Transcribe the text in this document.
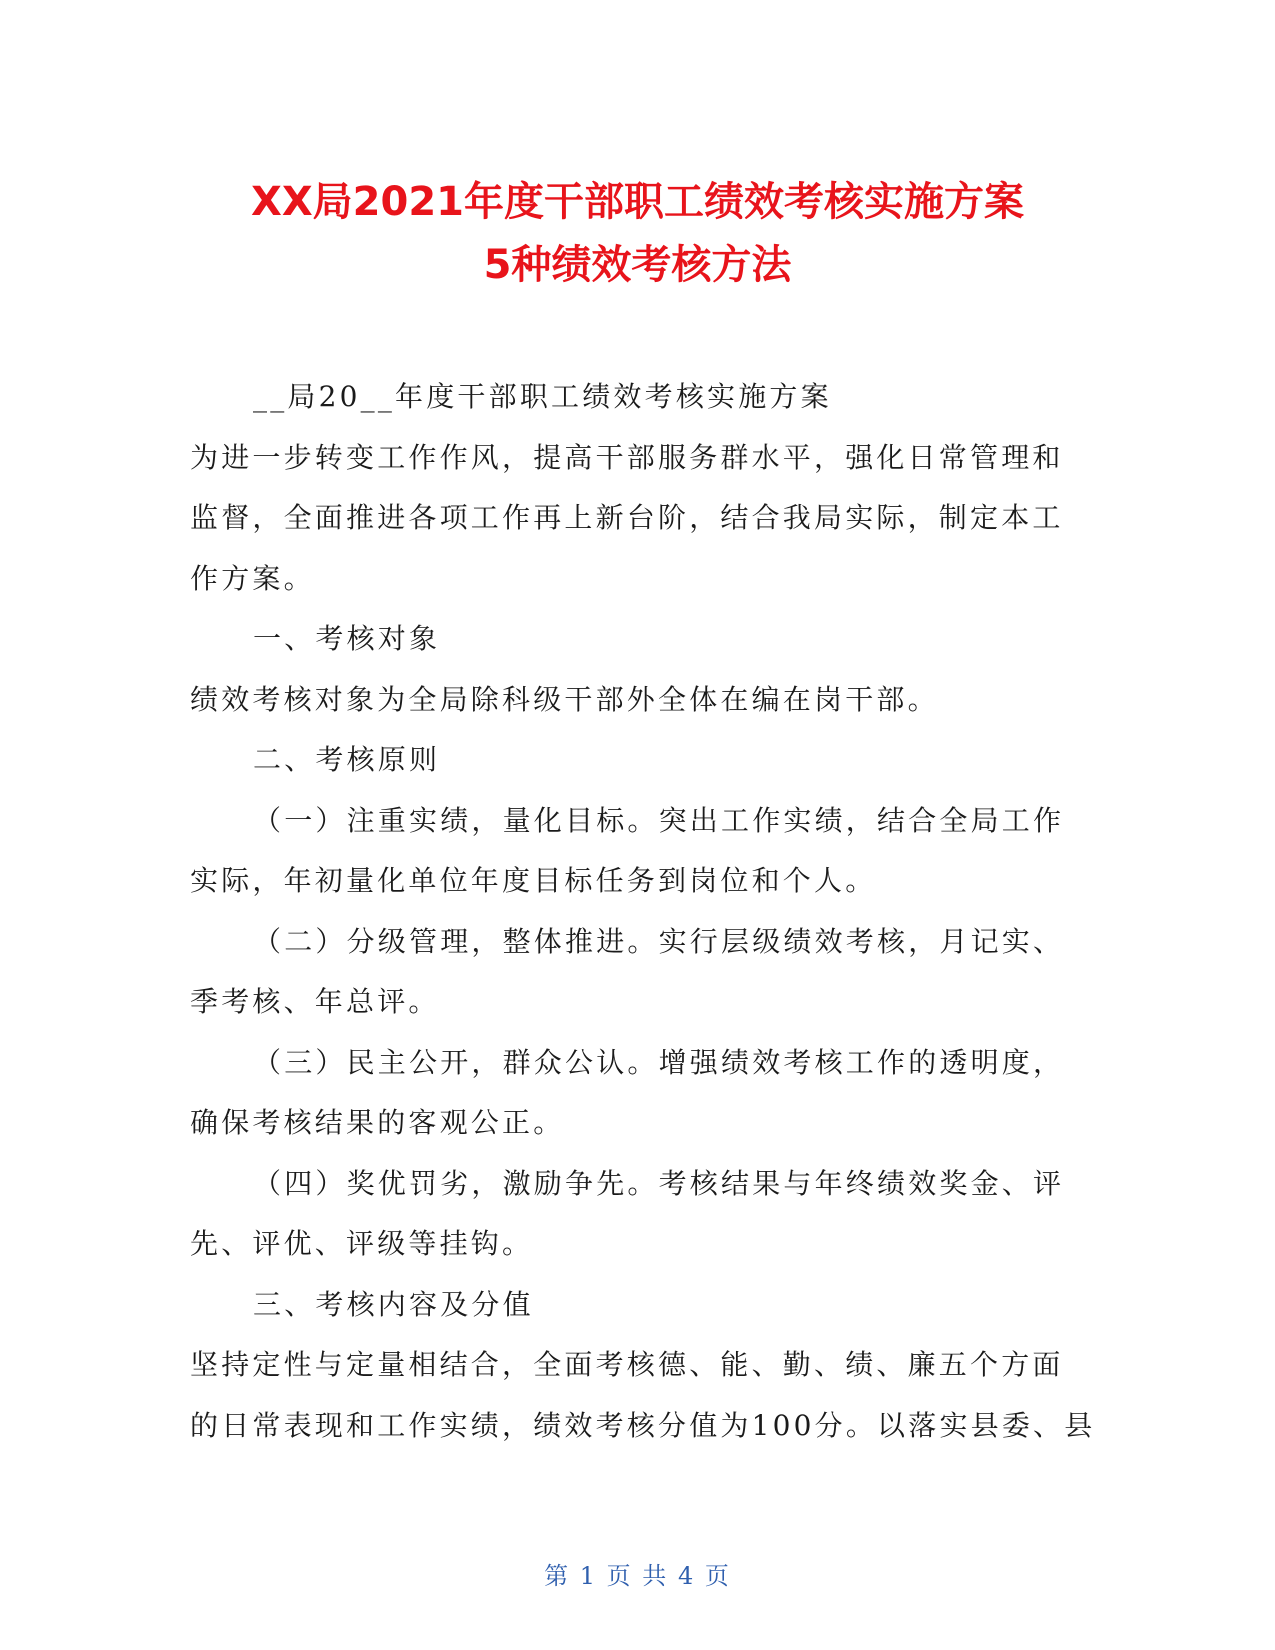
XX局2021年度干部职工绩效考核实施方案
5种绩效考核方法

__局20__年度干部职工绩效考核实施方案

为进一步转变工作作风，提高干部服务群水平，强化日常管理和

监督，全面推进各项工作再上新台阶，结合我局实际，制定本工

作方案。

一、考核对象

绩效考核对象为全局除科级干部外全体在编在岗干部。

二、考核原则

（一）注重实绩，量化目标。突出工作实绩，结合全局工作

实际，年初量化单位年度目标任务到岗位和个人。

（二）分级管理，整体推进。实行层级绩效考核，月记实、

季考核、年总评。

（三）民主公开，群众公认。增强绩效考核工作的透明度，

确保考核结果的客观公正。

（四）奖优罚劣，激励争先。考核结果与年终绩效奖金、评

先、评优、评级等挂钩。

三、考核内容及分值

坚持定性与定量相结合，全面考核德、能、勤、绩、廉五个方面

的日常表现和工作实绩，绩效考核分值为100分。以落实县委、县

第 1 页 共 4 页
